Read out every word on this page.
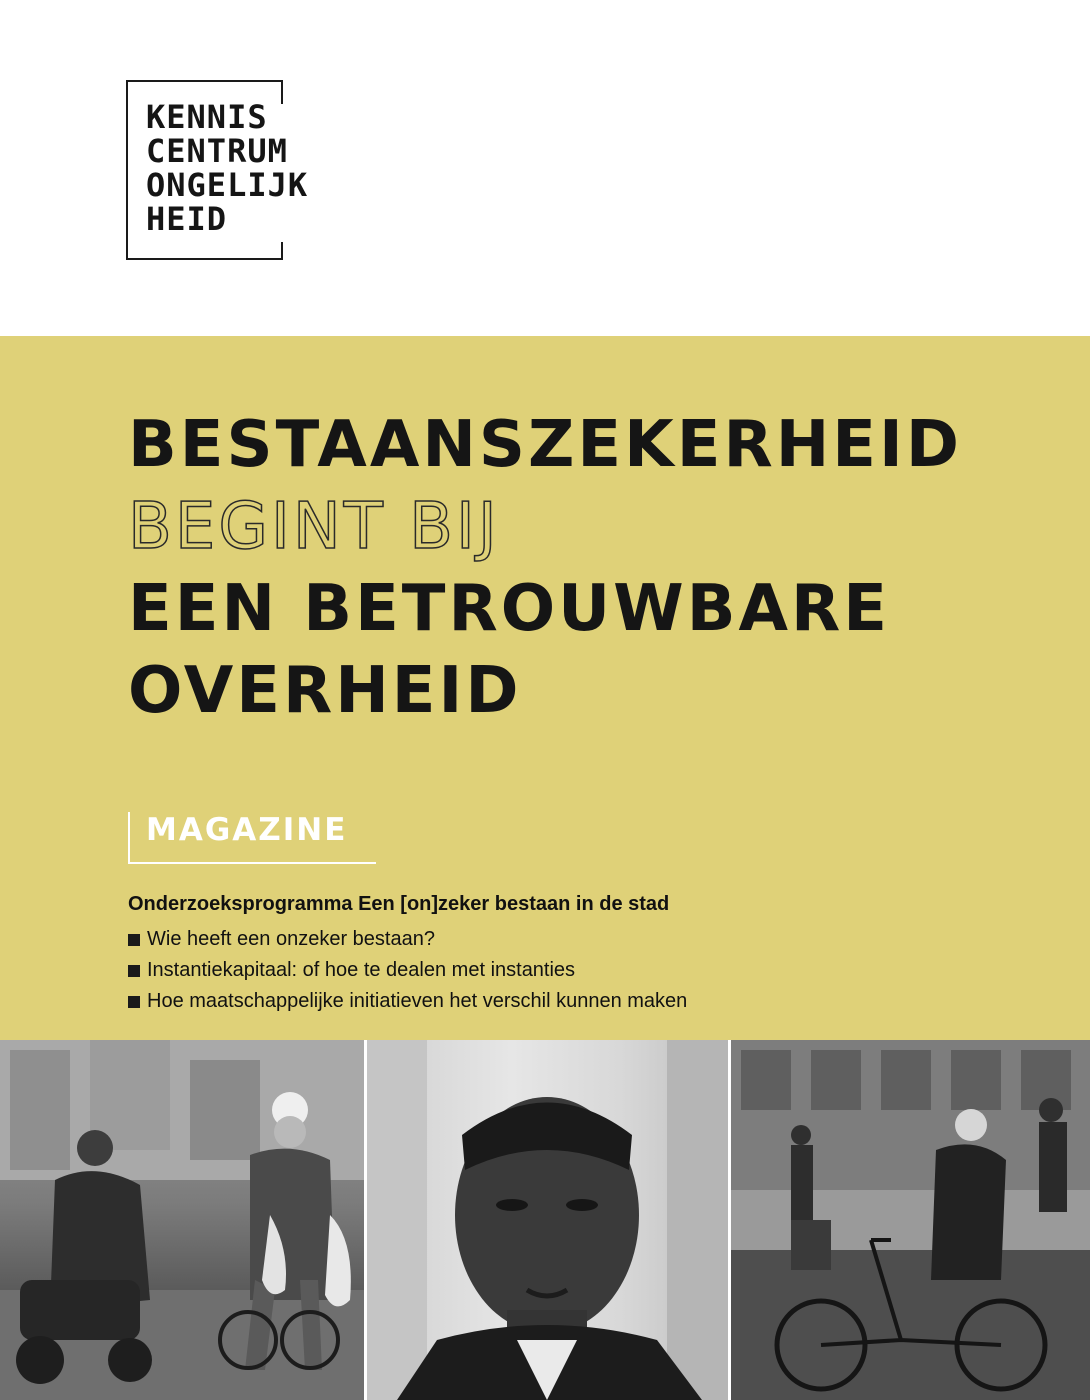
KENNIS
CENTRUM
ONGELIJK
HEID
BESTAANSZEKERHEID
BEGINT BIJ
EEN BETROUWBARE
OVERHEID
MAGAZINE
Onderzoeksprogramma Een [on]zeker bestaan in de stad
Wie heeft een onzeker bestaan?
Instantiekapitaal: of hoe te dealen met instanties
Hoe maatschappelijke initiatieven het verschil kunnen maken
